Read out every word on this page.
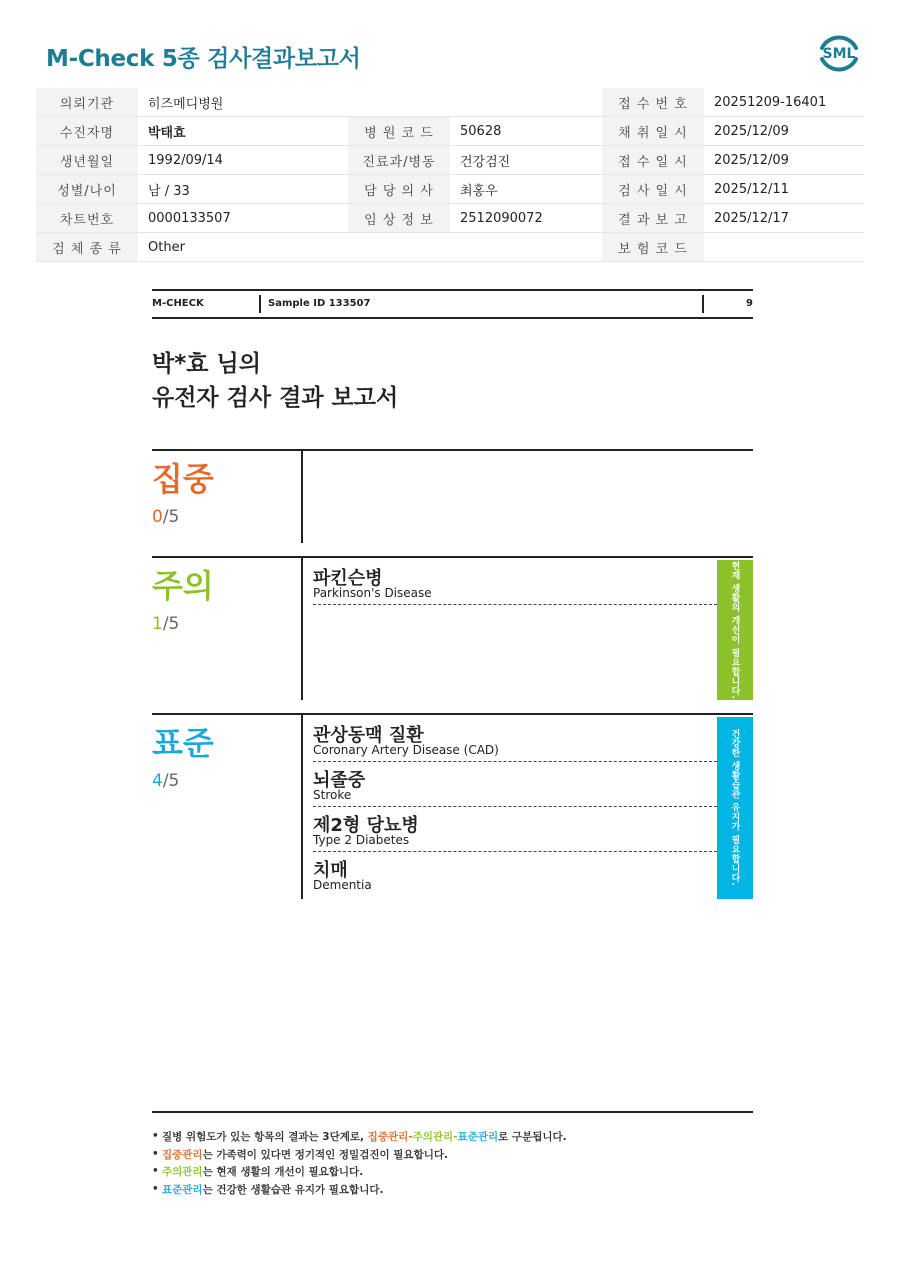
M-Check 5종 검사결과보고서	SML
의뢰기관	히즈메디병원			접 수 번 호	20251209-16401
수진자명	박태효	병 원 코 드	50628	채 취 일 시	2025/12/09
생년월일	1992/09/14	진료과/병동	건강검진	접 수 일 시	2025/12/09
성별/나이	남 / 33	담 당 의 사	최홍우	검 사 일 시	2025/12/11
차트번호	0000133507	임 상 정 보	2512090072	결 과 보 고	2025/12/17
검 체 종 류	Other			보 험 코 드	
M-CHECK	Sample ID 133507	9
박*효 님의
유전자 검사 결과 보고서
집중
0/5
주의
1/5
파킨슨병
Parkinson's Disease	현재 생활의 개선이 필요합니다.
표준
4/5
관상동맥 질환
Coronary Artery Disease (CAD)
뇌졸중
Stroke
제2형 당뇨병
Type 2 Diabetes
치매
Dementia	건강한 생활습관 유지가 필요합니다.
• 질병 위험도가 있는 항목의 결과는 3단계로, 집중관리-주의관리-표준관리로 구분됩니다.
• 집중관리는 가족력이 있다면 정기적인 정밀검진이 필요합니다.
• 주의관리는 현재 생활의 개선이 필요합니다.
• 표준관리는 건강한 생활습관 유지가 필요합니다.
